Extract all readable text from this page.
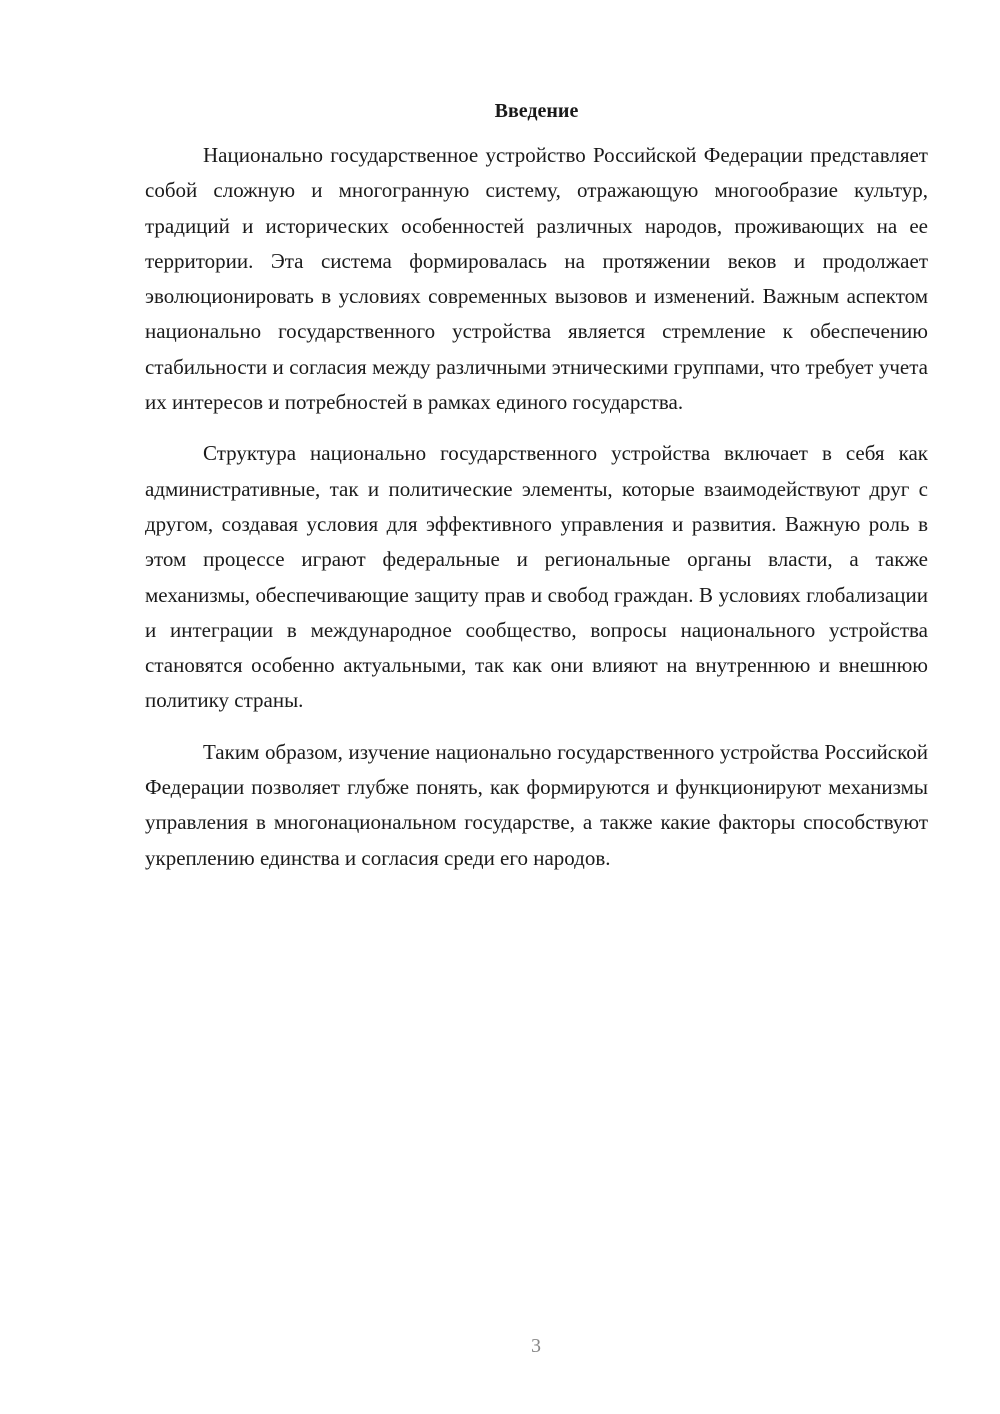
Введение

Национально государственное устройство Российской Федерации представляет собой сложную и многогранную систему, отражающую многообразие культур, традиций и исторических особенностей различных народов, проживающих на ее территории. Эта система формировалась на протяжении веков и продолжает эволюционировать в условиях современных вызовов и изменений. Важным аспектом национально государственного устройства является стремление к обеспечению стабильности и согласия между различными этническими группами, что требует учета их интересов и потребностей в рамках единого государства.

Структура национально государственного устройства включает в себя как административные, так и политические элементы, которые взаимодействуют друг с другом, создавая условия для эффективного управления и развития. Важную роль в этом процессе играют федеральные и региональные органы власти, а также механизмы, обеспечивающие защиту прав и свобод граждан. В условиях глобализации и интеграции в международное сообщество, вопросы национального устройства становятся особенно актуальными, так как они влияют на внутреннюю и внешнюю политику страны.

Таким образом, изучение национально государственного устройства Российской Федерации позволяет глубже понять, как формируются и функционируют механизмы управления в многонациональном государстве, а также какие факторы способствуют укреплению единства и согласия среди его народов.

3
